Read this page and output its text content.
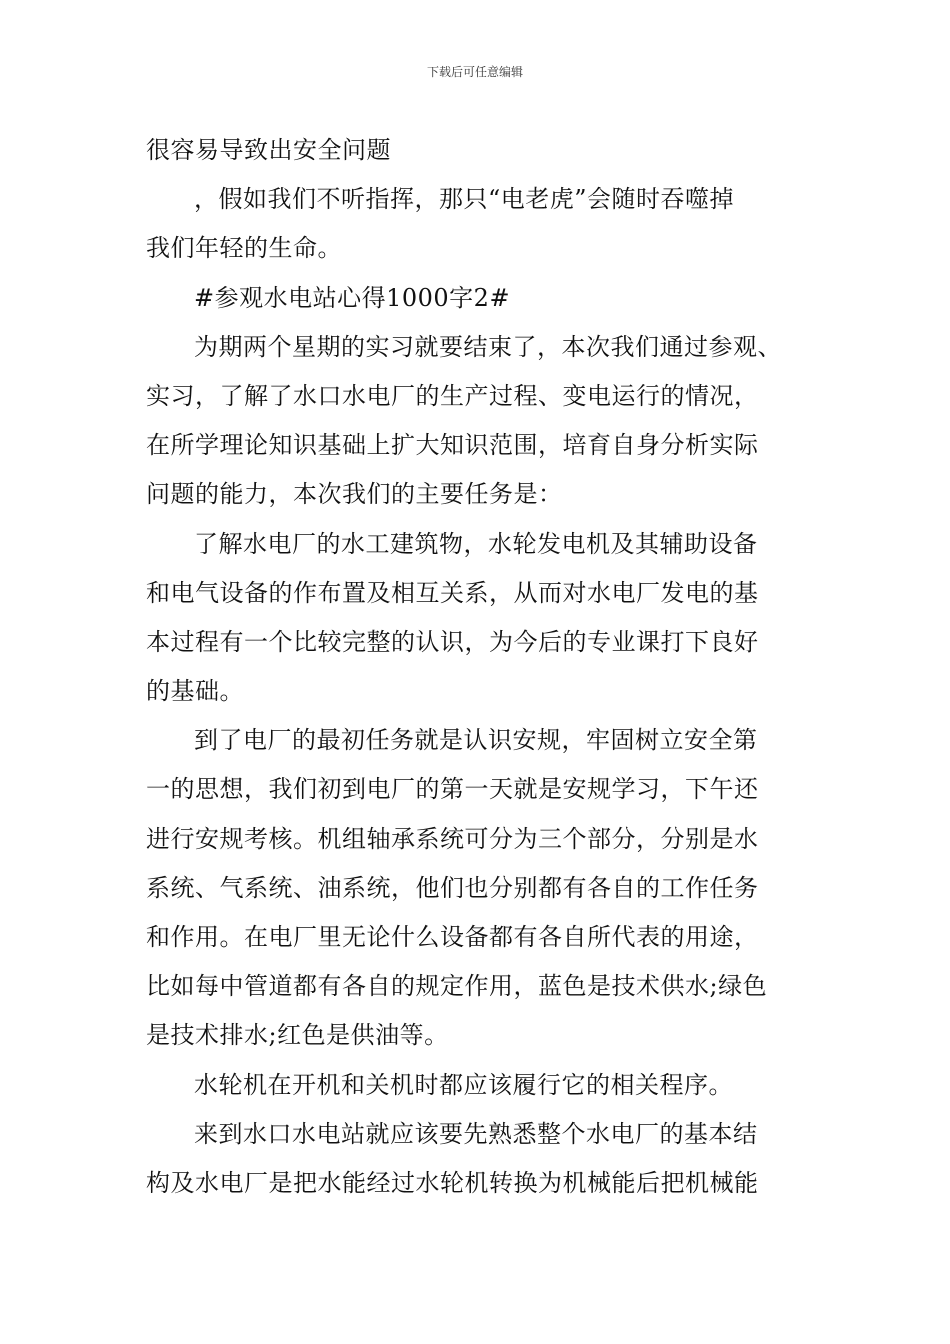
下载后可任意编辑
很容易导致出安全问题
，假如我们不听指挥，那只“电老虎”会随时吞噬掉
我们年轻的生命。
#参观水电站心得1000字2#
为期两个星期的实习就要结束了，本次我们通过参观、
实习，了解了水口水电厂的生产过程、变电运行的情况，
在所学理论知识基础上扩大知识范围，培育自身分析实际
问题的能力，本次我们的主要任务是：
了解水电厂的水工建筑物，水轮发电机及其辅助设备
和电气设备的作布置及相互关系，从而对水电厂发电的基
本过程有一个比较完整的认识，为今后的专业课打下良好
的基础。
到了电厂的最初任务就是认识安规，牢固树立安全第
一的思想，我们初到电厂的第一天就是安规学习，下午还
进行安规考核。机组轴承系统可分为三个部分，分别是水
系统、气系统、油系统，他们也分别都有各自的工作任务
和作用。在电厂里无论什么设备都有各自所代表的用途，
比如每中管道都有各自的规定作用，蓝色是技术供水;绿色
是技术排水;红色是供油等。
水轮机在开机和关机时都应该履行它的相关程序。
来到水口水电站就应该要先熟悉整个水电厂的基本结
构及水电厂是把水能经过水轮机转换为机械能后把机械能
